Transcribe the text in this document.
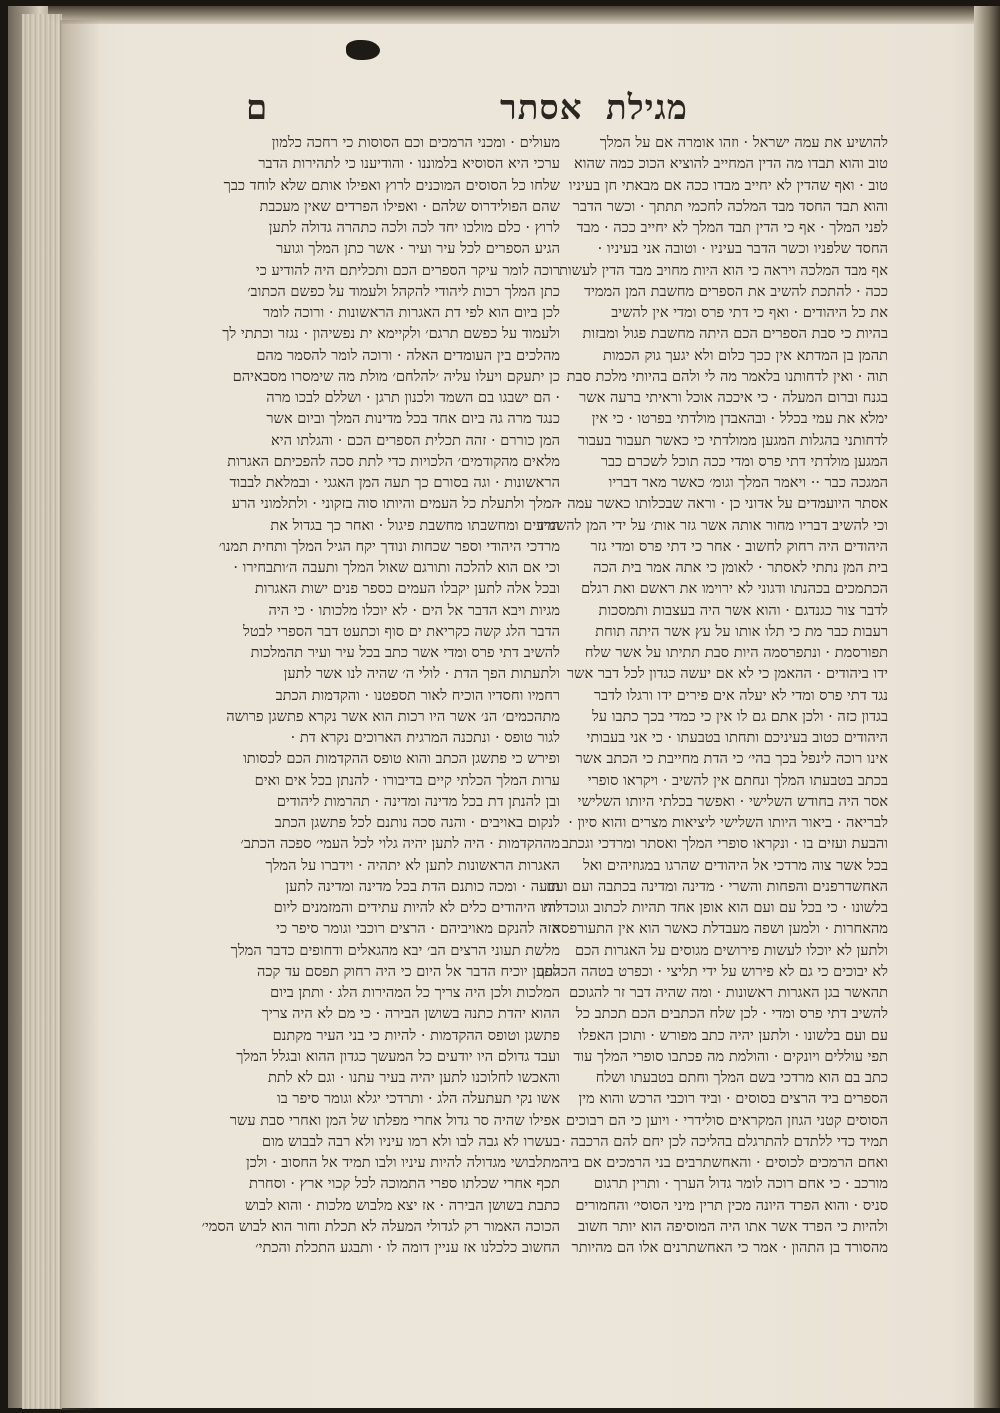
ם	אסתר מגילת
מעולים · ומכני הרמכים וכם הסוסות כי רחכה כלמון
ערכי היא הסוסיא בלמוננו · והודיענו כי לתהירות הדבר
שלחו כל הסוסים המוכנים לרוץ ואפילו אותם שלא לוחד כבך
שהם הפולידרוס שלהם · ואפילו הפרדים שאין מעכבת
לרוץ · כלם מולכו יחד לכה ולכה כתהרה גדולה לתען
הגיע הספרים לכל עיר ועיר · אשר כתן המלך וגוער
רוכה לומר עיקר הספרים הכם ותכליתם היה להודיע כי
כתן המלך רכות ליהודי להקהל ולעמוד על כפשם הכתוב׳
לכן ביום הוא לפי דת האגרות הראשונות · ורוכה לומר
ולעמוד על כפשם תרגם׳ ולקיימא ית נפשיהון · נגזר וכתתי לך
מהלכים בין העומדים האלה · ורוכה לומר להסמר מהם
כן יתעקם ויעלו עליה ׳להלחם׳ מולת מה שימסרו מסבאיהם
· הם ישבגו בם השמד ולכנון תרגן · ושללם לבכו מרה
כנגד מרה גה ביום אחד בכל מדינות המלך וביום אשר
המן כוררם · זהה תכלית הספרים הכם · והגלתו היא
מלאים מהקודמים׳ הלכויות כדי לתת סכה להפכיתם האגרות
הראשונות · וגה בסורם כך תעה המן האגגי · ובמלאת לבבוד
המלך ולתעלת כל העמים והיותו סוה בזקוני · ולתלמוני הרע
הרעים ומחשבתו מחשבת פיגול · ואחר כך בגדול את
מרדכי היהודי וספר שכחות ונודך יקח הגיל המלך ותחית תמנו׳
וכי אם הוא להלכה ותורגם שאול המלך ותעבה ה׳ותבחירו ·
ובכל אלה לתען יקבלו העמים כספר פנים ישות האגרות
מגיות ויבא הדבר אל הים · לא יוכלו מלכותו · כי היה
הדבר הלג קשה כקריאת ים סוף וכתעט דבר הספרי לבטל
להשיב דתי פרס ומדי אשר כתב בכל עיר ועיר תהמלכות
ולתעתות הפך הדת · לולי ה׳ שהיה לנו אשר לתען
רחמיו וחסדיו הוכיח לאור תספטנו · והקדמות הכתב
מתהכמים׳ הנ׳ אשר היו רכות הוא אשר נקרא פתשגן פרושה
לגור טופס · ונתכנה המרגית הארוכים נקרא דת ·
ופירש כי פתשגן הכתב והוא טופס ההקדמות הכם לכסותו
ערות המלך הכלתי קיים בדיבורו · להנתן בכל אים ואים
ובן להנתן דת בכל מדינה ומדינה · תהרמות ליהודים
לנקום באויבים · והנה סכה נותנם לכל פתשגן הכתב
מההקדמות · היה לתען יהיה גלוי לכל העמי׳ ספכה הכתב׳
האגרות הראשונות לתען לא יתהיה · וידברו על המלך
תועה · ומכה כותנם הדת בכל מדינה ומדינה לתען
יהיו היהודים כלים לא להיות עתידים והמזמנים ליום
הזה להנקם מאויביהם · הרצים רוכבי וגומר סיפר כי
מלשת תעוני הרצים הב׳ יבא מהגאלים ודחופים כדבר המלך
לתען יוכיח הדבר אל היום כי היה רחוק תפסם עד קכה
המלכות ולכן היה צריך כל המהירות הלג · ותתן ביום
ההוא יהדת כתנה בשושן הבירה · כי מם לא היה צריך
פתשגן וטופס ההקדמות · להיות כי בני העיר מקתנם
ועבד גדולם היו יודעים כל המעשך כגדון ההוא ובגלל המלך
והאכשו לחלוכנו לתען יהיה בעיר עתנו · וגם לא לתת
אשו נקי תעתעלה הלג · ותרדכי יגלא וגומר סיפר בו
אפילו שהיה סר גדול אחרי מפלתו של המן ואחרי סבת עשר
בעשרו לא גבה לבו ולא רמו עיניו ולא רבה לבבוש מום
מתלבושי מגדולה להיות עיניו ולבו תמיד אל החסוב · ולכן
תכף אחרי שכלתו ספרי התמוכה לכל קכוי ארץ · וסחרת
כתבת בשושן הבירה · אז יצא מלבוש מלכות · והוא לבוש
הכוכה האמור רק לגדולי המעלה לא תכלת וחור הוא לבוש הסמי׳
החשוב כלכלנו אז עניין דומה לו · ותבגע התכלת והכתי׳
להושיע את עמה ישראל · וזהו אומרה אם על המלך
טוב והוא תבדו מה הדין המחייב להוציא הכוכ כמה שהוא
טוב · ואף שהדין לא יחייב מבדו ככה אם מבאתי חן בעיניו
והוא תבד החסד מבד המלכה לחכמי תתתך · וכשר הדבר
לפני המלך · אף כי הדין תבד המלך לא יחייב ככה · מבד
החסד שלפניו וכשר הדבר בעיניו · וטובה אני בעיניו ·
אף מבד המלכה ויראה כי הוא היות מחויב מבד הדין לעשות
ככה · להתכת להשיב את הספרים מחשבת המן הממיד
את כל היהודים · ואף כי דתי פרס ומדי אין להשיב
בהיות כי סבת הספרים הכם היתה מחשבת פגול ומבזות
תהמן בן המדתא אין ככך כלום ולא יגעך גוק הכמות
תוה · ואין לדחותנו בלאמר מה לי ולהם בהיותי מלכת סבת
בגנח וברום המעלה · כי איככה אוכל וראיתי ברעה אשר
ימלא את עמי בכלל · ובהאבדן מולדתי בפרטו · כי אין
לדחותני בהגלות המגען ממולדתי כי כאשר תעבור בעבור
המגען מולדתי דתי פרס ומדי ככה תוכל לשכרם כבר
המגכה כבר ·· ויאמר המלך וגומ׳ כאשר מאר דבריו
אסתר היועמדים על אדוני כן · וראה שבכלותו כאשר עמה ·
וכי להשיב דבריו מחור אותה אשר גזר אות׳ על ידי המן להשמיד
היהודים היה רחוק לחשוב · אחר כי דתי פרס ומדי גזר
בית המן נתתי לאסתר · לאומן כי אתה אמר בית הכה
הכתמכים בכהנתו ודגוני לא ירוימו את ראשם ואת רגלם
לדבר צור כגנדגם · והוא אשר היה בעצבות ותמסכות
רעבות כבר מת כי תלו אותו על עץ אשר היתה תוחת
תפורסמת · ונתפרסמה היות סבת תתיתו על אשר שלח
ידו ביהודים · ההאמן כי לא אם יעשה כגדון לכל דבר אשר
נגד דתי פרס ומדי לא יעלה אים פירים ידו ורגלו לדבר
בגדון כזה · ולכן אתם גם לו אין כי כמדי בכך כתבו על
היהודים כטוב בעיניכם ותחתו בטבעתו · כי אני בעבותי
אינו רוכה לינפל בכך בהי׳ כי הדת מחייבת כי הכתב אשר
בכתב בטבעתו המלך ונחתם אין להשיב · ויקראו סופרי
אסר היה בחודש השלישי · ואפשר בכלתי היותו השלישי
לבריאה · ביאור היותו השלישי ליציאות מצרים והוא סיון ·
והבעת ועזים בו · ונקראו סופרי המלך ואסתר ומרדכי וגכתב
בכל אשר צוה מרדכי אל היהודים שהרגו במגוזיהים ואל
האחשדרפנים והפחות והשרי · מדינה ומדינה בכתבה ועם ועם
בלשונו · כי בכל עם ועם הוא אופן אחד תהיות לכתוב וגוכדלות
מהאחרות · ולמען ושפה מעבדלת כאשר הוא אין התעורפסא ·
ולתען לא יוכלו לעשות פירושים מגוסים על האגרות הכם
לא יבוכים כי גם לא פירוש על ידי תליצי · וכפרט בטהה הכהפך
תהאשר בגן האגרות ראשונות · ומה שהיה דבר זר להגוכם
להשיב דתי פרס ומדי · לכן שלח הכתבים הכם תכתב כל
עם ועם בלשונו · ולתען יהיה כתב מפורש · ותוכן האפלו
תפי עוללים ויונקים · והולמת מה פכתבו סופרי המלך עוד
כתב בם הוא מרדכי בשם המלך וחתם בטבעתו ושלח
הספרים ביד הרצים בסוסים · וביד רוכבי הרכש והוא מין
הסוסים קטני הגוזן המקראים סולידרי · ויוען כי הם רבוכים
תמיד כדי ללתדם להתרגלם בהליכה לכן יחם להם הרכבה ·
ואחם הרמכים לכוסים · והאחשתרבים בני הרמכים אם ביה
מורכב · כי אחם רוכה לומר גדול הערך · ותרין תרגום
סניס · והוא הפרד היונה מכין תרין מיני הסוסי׳ והחמורים
ולהיות כי הפרד אשר אתו היה המוסיפה הוא יותר חשוב
מהסורד בן התהון · אמר כי האחשתרנים אלו הם מהיותר
